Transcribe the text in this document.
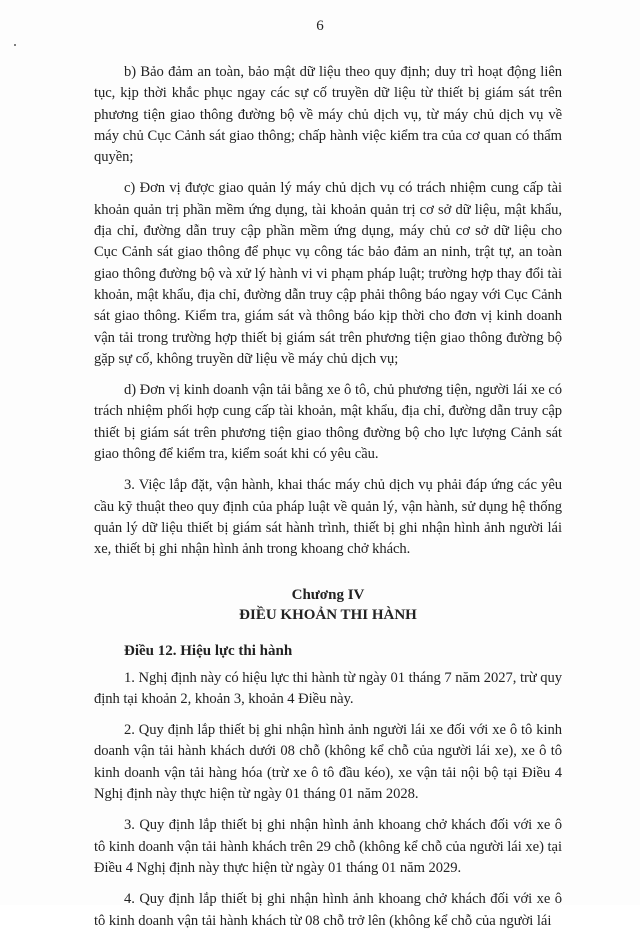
6

b) Bảo đảm an toàn, bảo mật dữ liệu theo quy định; duy trì hoạt động liên tục, kịp thời khắc phục ngay các sự cố truyền dữ liệu từ thiết bị giám sát trên phương tiện giao thông đường bộ về máy chủ dịch vụ, từ máy chủ dịch vụ về máy chủ Cục Cảnh sát giao thông; chấp hành việc kiểm tra của cơ quan có thẩm quyền;

c) Đơn vị được giao quản lý máy chủ dịch vụ có trách nhiệm cung cấp tài khoản quản trị phần mềm ứng dụng, tài khoản quản trị cơ sở dữ liệu, mật khẩu, địa chỉ, đường dẫn truy cập phần mềm ứng dụng, máy chủ cơ sở dữ liệu cho Cục Cảnh sát giao thông để phục vụ công tác bảo đảm an ninh, trật tự, an toàn giao thông đường bộ và xử lý hành vi vi phạm pháp luật; trường hợp thay đổi tài khoản, mật khẩu, địa chỉ, đường dẫn truy cập phải thông báo ngay với Cục Cảnh sát giao thông. Kiểm tra, giám sát và thông báo kịp thời cho đơn vị kinh doanh vận tải trong trường hợp thiết bị giám sát trên phương tiện giao thông đường bộ gặp sự cố, không truyền dữ liệu về máy chủ dịch vụ;

d) Đơn vị kinh doanh vận tải bằng xe ô tô, chủ phương tiện, người lái xe có trách nhiệm phối hợp cung cấp tài khoản, mật khẩu, địa chỉ, đường dẫn truy cập thiết bị giám sát trên phương tiện giao thông đường bộ cho lực lượng Cảnh sát giao thông để kiểm tra, kiểm soát khi có yêu cầu.

3. Việc lắp đặt, vận hành, khai thác máy chủ dịch vụ phải đáp ứng các yêu cầu kỹ thuật theo quy định của pháp luật về quản lý, vận hành, sử dụng hệ thống quản lý dữ liệu thiết bị giám sát hành trình, thiết bị ghi nhận hình ảnh người lái xe, thiết bị ghi nhận hình ảnh trong khoang chở khách.

Chương IV
ĐIỀU KHOẢN THI HÀNH
Điều 12. Hiệu lực thi hành

1. Nghị định này có hiệu lực thi hành từ ngày 01 tháng 7 năm 2027, trừ quy định tại khoản 2, khoản 3, khoản 4 Điều này.

2. Quy định lắp thiết bị ghi nhận hình ảnh người lái xe đối với xe ô tô kinh doanh vận tải hành khách dưới 08 chỗ (không kể chỗ của người lái xe), xe ô tô kinh doanh vận tải hàng hóa (trừ xe ô tô đầu kéo), xe vận tải nội bộ tại Điều 4 Nghị định này thực hiện từ ngày 01 tháng 01 năm 2028.

3. Quy định lắp thiết bị ghi nhận hình ảnh khoang chở khách đối với xe ô tô kinh doanh vận tải hành khách trên 29 chỗ (không kể chỗ của người lái xe) tại Điều 4 Nghị định này thực hiện từ ngày 01 tháng 01 năm 2029.

4. Quy định lắp thiết bị ghi nhận hình ảnh khoang chở khách đối với xe ô tô kinh doanh vận tải hành khách từ 08 chỗ trở lên (không kể chỗ của người lái
